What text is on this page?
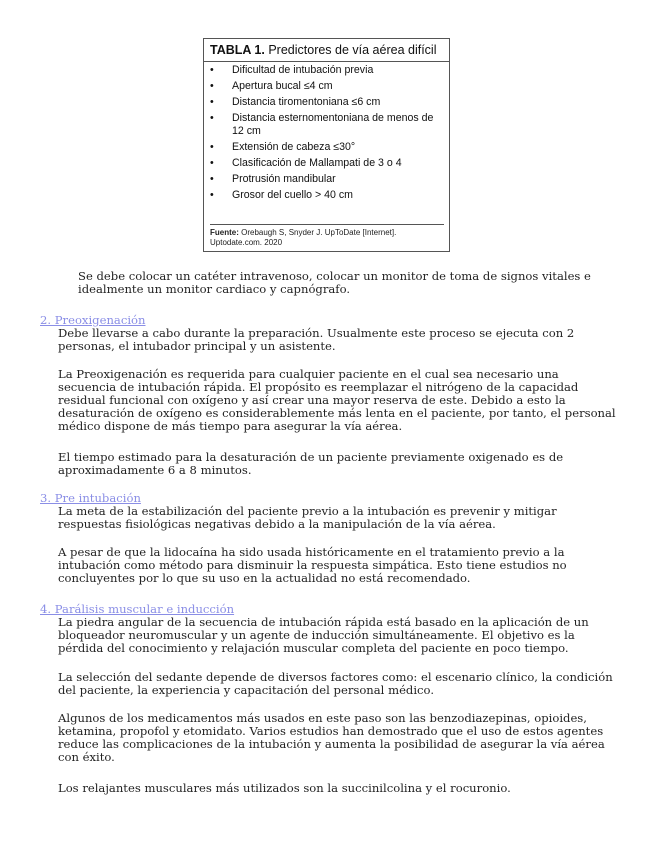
TABLA 1. Predictores de vía aérea difícil
• Dificultad de intubación previa
• Apertura bucal ≤4 cm
• Distancia tiromentoniana ≤6 cm
• Distancia esternomentoniana de menos de 12 cm
• Extensión de cabeza ≤30°
• Clasificación de Mallampati de 3 o 4
• Protrusión mandibular
• Grosor del cuello > 40 cm
Fuente: Orebaugh S, Snyder J. UpToDate [Internet]. Uptodate.com. 2020

Se debe colocar un catéter intravenoso, colocar un monitor de toma de signos vitales e idealmente un monitor cardiaco y capnógrafo.

2. Preoxigenación

Debe llevarse a cabo durante la preparación. Usualmente este proceso se ejecuta con 2 personas, el intubador principal y un asistente.

La Preoxigenación es requerida para cualquier paciente en el cual sea necesario una secuencia de intubación rápida. El propósito es reemplazar el nitrógeno de la capacidad residual funcional con oxígeno y así crear una mayor reserva de este. Debido a esto la desaturación de oxígeno es considerablemente más lenta en el paciente, por tanto, el personal médico dispone de más tiempo para asegurar la vía aérea.

El tiempo estimado para la desaturación de un paciente previamente oxigenado es de aproximadamente 6 a 8 minutos.

3. Pre intubación

La meta de la estabilización del paciente previo a la intubación es prevenir y mitigar respuestas fisiológicas negativas debido a la manipulación de la vía aérea.

A pesar de que la lidocaína ha sido usada históricamente en el tratamiento previo a la intubación como método para disminuir la respuesta simpática. Esto tiene estudios no concluyentes por lo que su uso en la actualidad no está recomendado.

4. Parálisis muscular e inducción

La piedra angular de la secuencia de intubación rápida está basado en la aplicación de un bloqueador neuromuscular y un agente de inducción simultáneamente. El objetivo es la pérdida del conocimiento y relajación muscular completa del paciente en poco tiempo.

La selección del sedante depende de diversos factores como: el escenario clínico, la condición del paciente, la experiencia y capacitación del personal médico.

Algunos de los medicamentos más usados en este paso son las benzodiazepinas, opioides, ketamina, propofol y etomidato. Varios estudios han demostrado que el uso de estos agentes reduce las complicaciones de la intubación y aumenta la posibilidad de asegurar la vía aérea con éxito.

Los relajantes musculares más utilizados son la succinilcolina y el rocuronio.
